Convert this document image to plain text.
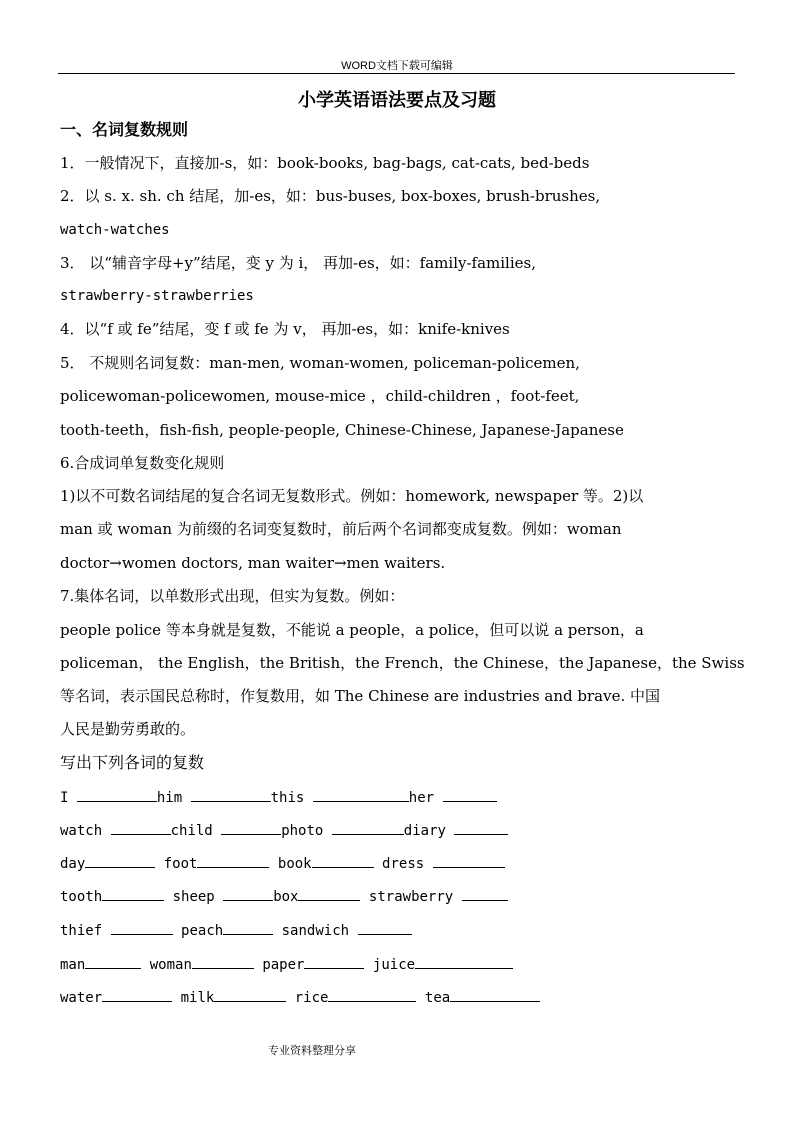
WORD文档下载可编辑
小学英语语法要点及习题
一、名词复数规则
1．一般情况下，直接加-s，如：book-books, bag-bags, cat-cats, bed-beds
2．以 s. x. sh. ch 结尾，加-es，如：bus-buses, box-boxes, brush-brushes,
watch-watches
3． 以“辅音字母+y”结尾，变 y 为 i， 再加-es，如：family-families,
strawberry-strawberries
4．以“f 或 fe”结尾，变 f 或 fe 为 v， 再加-es，如：knife-knives
5． 不规则名词复数：man-men, woman-women, policeman-policemen,
policewoman-policewomen, mouse-mice ，child-children ，foot-feet,
tooth-teeth，fish-fish, people-people, Chinese-Chinese, Japanese-Japanese
6.合成词单复数变化规则
1)以不可数名词结尾的复合名词无复数形式。例如：homework, newspaper 等。2)以
man 或 woman 为前缀的名词变复数时，前后两个名词都变成复数。例如：woman
doctor→women doctors, man waiter→men waiters.
7.集体名词，以单数形式出现，但实为复数。例如：
people police 等本身就是复数，不能说 a people，a police，但可以说 a person，a
policeman， the English，the British，the French，the Chinese，the Japanese，the Swiss
等名词，表示国民总称时，作复数用，如 The Chinese are industries and brave. 中国
人民是勤劳勇敢的。
写出下列各词的复数
I	him	this	her
watch	child	photo	diary
day	foot	book	dress
tooth	sheep	box	strawberry
thief	peach	sandwich
man	woman	paper	juice
water	milk	rice	tea
专业资料整理分享
